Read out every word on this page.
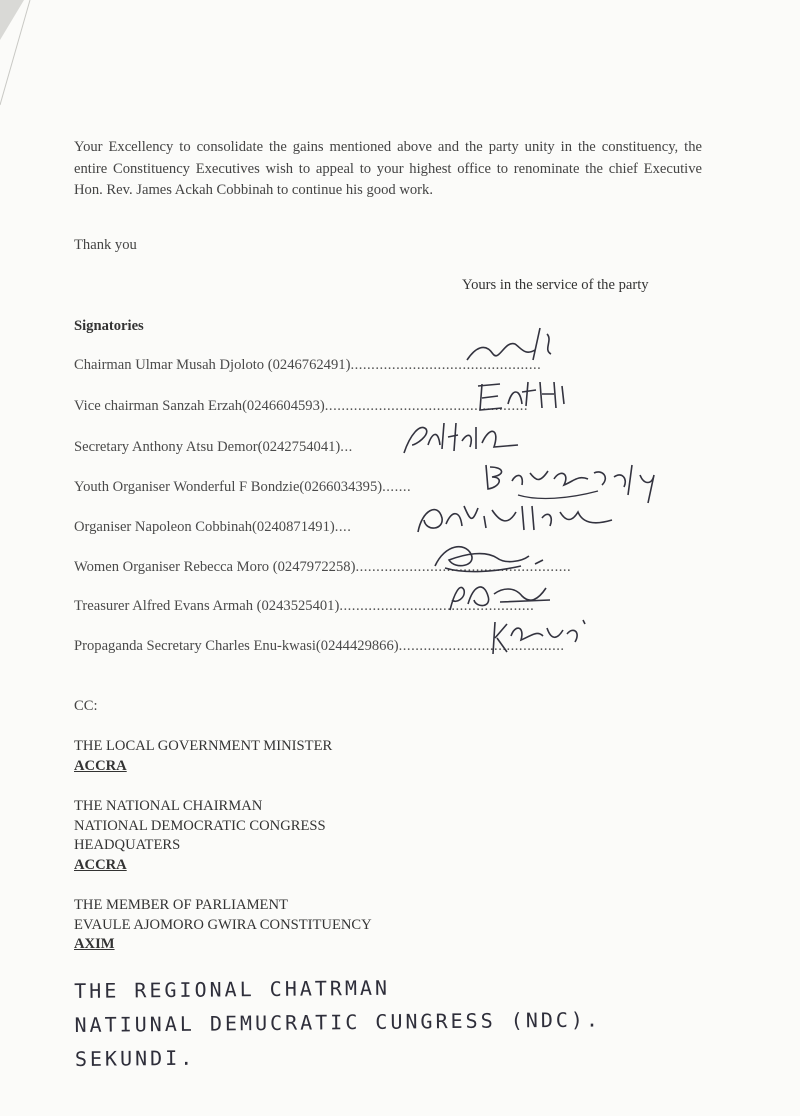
Your Excellency to consolidate the gains mentioned above and the party unity in the constituency, the entire Constituency Executives wish to appeal to your highest office to renominate the chief Executive Hon. Rev. James Ackah Cobbinah to continue his good work.
Thank you
Yours in the service of the party
Signatories
Chairman Ulmar Musah Djoloto (0246762491)..............................................
Vice chairman Sanzah Erzah(0246604593).................................................
Secretary Anthony Atsu Demor(0242754041)...
Youth Organiser Wonderful F Bondzie(0266034395).......
Organiser Napoleon Cobbinah(0240871491)....
Women Organiser Rebecca Moro (0247972258)....................................................
Treasurer Alfred Evans Armah (0243525401)...............................................
Propaganda Secretary Charles Enu-kwasi(0244429866)........................................
CC:
THE LOCAL GOVERNMENT MINISTER
ACCRA
THE NATIONAL CHAIRMAN
NATIONAL DEMOCRATIC CONGRESS
HEADQUATERS
ACCRA
THE MEMBER OF PARLIAMENT
EVAULE AJOMORO GWIRA CONSTITUENCY
AXIM
THE REGIONAL CHATRMAN
NATIUNAL DEMUCRATIC CUNGRESS (NDC).
SEKUNDI.
